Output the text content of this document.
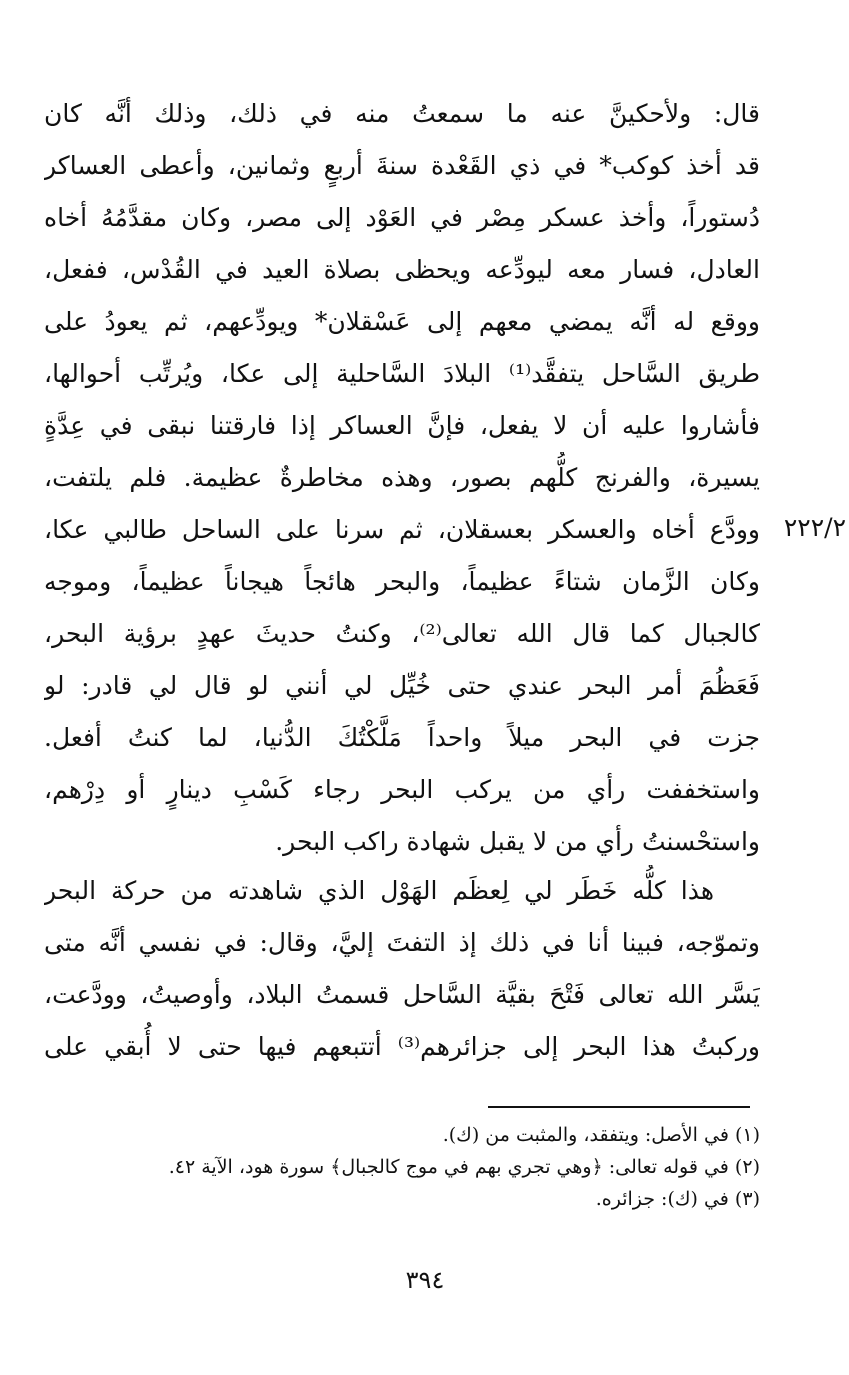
قال: ولأحكينَّ عنه ما سمعتُ منه في ذلك، وذلك أنَّه كان
قد أخذ كوكب* في ذي القَعْدة سنةَ أربعٍ وثمانين، وأعطى العساكر
دُستوراً، وأخذ عسكر مِصْر في العَوْد إلى مصر، وكان مقدَّمُهُ أخاه
العادل، فسار معه ليودِّعه ويحظى بصلاة العيد في القُدْس، ففعل،
ووقع له أنَّه يمضي معهم إلى عَسْقلان* ويودِّعهم، ثم يعودُ على
طريق السَّاحل يتفقَّد⁽¹⁾ البلادَ السَّاحلية إلى عكا، ويُرتِّب أحوالها،
فأشاروا عليه أن لا يفعل، فإنَّ العساكر إذا فارقتنا نبقى في عِدَّةٍ
يسيرة، والفرنج كلُّهم بصور، وهذه مخاطرةٌ عظيمة. فلم يلتفت،
وودَّع أخاه والعسكر بعسقلان، ثم سرنا على الساحل طالبي عكا،
وكان الزَّمان شتاءً عظيماً، والبحر هائجاً هيجاناً عظيماً، وموجه
كالجبال كما قال الله تعالى⁽²⁾، وكنتُ حديثَ عهدٍ برؤية البحر،
فَعَظُمَ أمر البحر عندي حتى خُيِّل لي أنني لو قال لي قادر: لو
جزت في البحر ميلاً واحداً مَلَّكْتُكَ الدُّنيا، لما كنتُ أفعل.
واستخففت رأي من يركب البحر رجاء كَسْبِ دينارٍ أو دِرْهم،
واستحْسنتُ رأي من لا يقبل شهادة راكب البحر.
٢٢٢/٢
هذا كلُّه خَطَر لي لِعظَم الهَوْل الذي شاهدته من حركة البحر
وتموّجه، فبينا أنا في ذلك إذ التفتَ إليَّ، وقال: في نفسي أنَّه متى
يَسَّر الله تعالى فَتْحَ بقيَّة السَّاحل قسمتُ البلاد، وأوصيتُ، وودَّعت،
وركبتُ هذا البحر إلى جزائرهم⁽³⁾ أتتبعهم فيها حتى لا أُبقي على
(١) في الأصل: ويتفقد، والمثبت من (ك).
(٢) في قوله تعالى: ﴿وهي تجري بهم في موج كالجبال﴾ سورة هود، الآية ٤٢.
(٣) في (ك): جزائره.
٣٩٤
